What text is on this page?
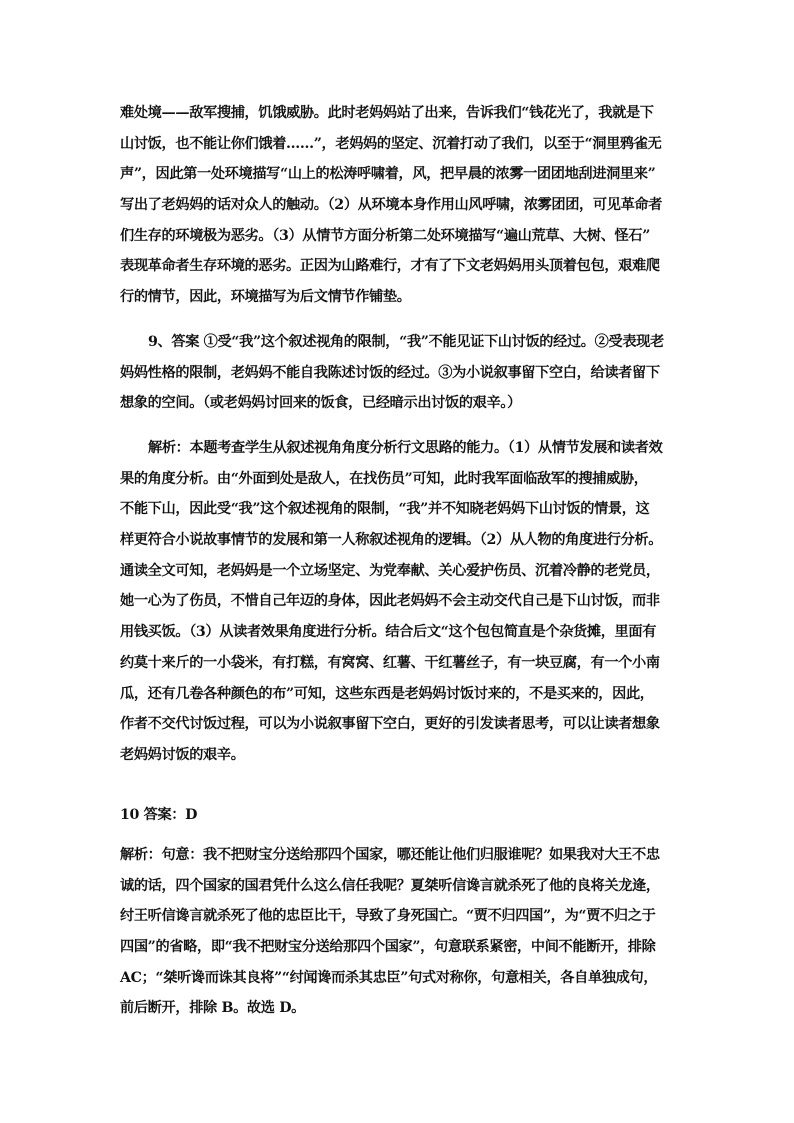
难处境——敌军搜捕，饥饿威胁。此时老妈妈站了出来，告诉我们“钱花光了，我就是下
山讨饭，也不能让你们饿着……”，老妈妈的坚定、沉着打动了我们，以至于“洞里鸦雀无
声”，因此第一处环境描写“山上的松涛呼啸着，风，把早晨的浓雾一团团地刮进洞里来”
写出了老妈妈的话对众人的触动。（2）从环境本身作用山风呼啸，浓雾团团，可见革命者
们生存的环境极为恶劣。（3）从情节方面分析第二处环境描写“遍山荒草、大树、怪石”
表现革命者生存环境的恶劣。正因为山路难行，才有了下文老妈妈用头顶着包包，艰难爬
行的情节，因此，环境描写为后文情节作铺垫。
9、答案 ①受“我”这个叙述视角的限制，“我”不能见证下山讨饭的经过。②受表现老
妈妈性格的限制，老妈妈不能自我陈述讨饭的经过。③为小说叙事留下空白，给读者留下
想象的空间。（或老妈妈讨回来的饭食，已经暗示出讨饭的艰辛。）
解析：本题考查学生从叙述视角角度分析行文思路的能力。（1）从情节发展和读者效
果的角度分析。由“外面到处是敌人，在找伤员”可知，此时我军面临敌军的搜捕威胁，
不能下山，因此受“我”这个叙述视角的限制，“我”并不知晓老妈妈下山讨饭的情景，这
样更符合小说故事情节的发展和第一人称叙述视角的逻辑。（2）从人物的角度进行分析。
通读全文可知，老妈妈是一个立场坚定、为党奉献、关心爱护伤员、沉着冷静的老党员，
她一心为了伤员，不惜自己年迈的身体，因此老妈妈不会主动交代自己是下山讨饭，而非
用钱买饭。（3）从读者效果角度进行分析。结合后文“这个包包简直是个杂货摊，里面有
约莫十来斤的一小袋米，有打糕，有窝窝、红薯、干红薯丝子，有一块豆腐，有一个小南
瓜，还有几卷各种颜色的布”可知，这些东西是老妈妈讨饭讨来的，不是买来的，因此，
作者不交代讨饭过程，可以为小说叙事留下空白，更好的引发读者思考，可以让读者想象
老妈妈讨饭的艰辛。
10 答案：D
解析：句意：我不把财宝分送给那四个国家，哪还能让他们归服谁呢？如果我对大王不忠
诚的话，四个国家的国君凭什么这么信任我呢？夏桀听信谗言就杀死了他的良将关龙逄，
纣王听信谗言就杀死了他的忠臣比干，导致了身死国亡。“贾不归四国”，为“贾不归之于
四国”的省略，即“我不把财宝分送给那四个国家”，句意联系紧密，中间不能断开，排除
AC；“桀听谗而诛其良将”“纣闻谗而杀其忠臣”句式对称你，句意相关，各自单独成句，
前后断开，排除 B。故选 D。
